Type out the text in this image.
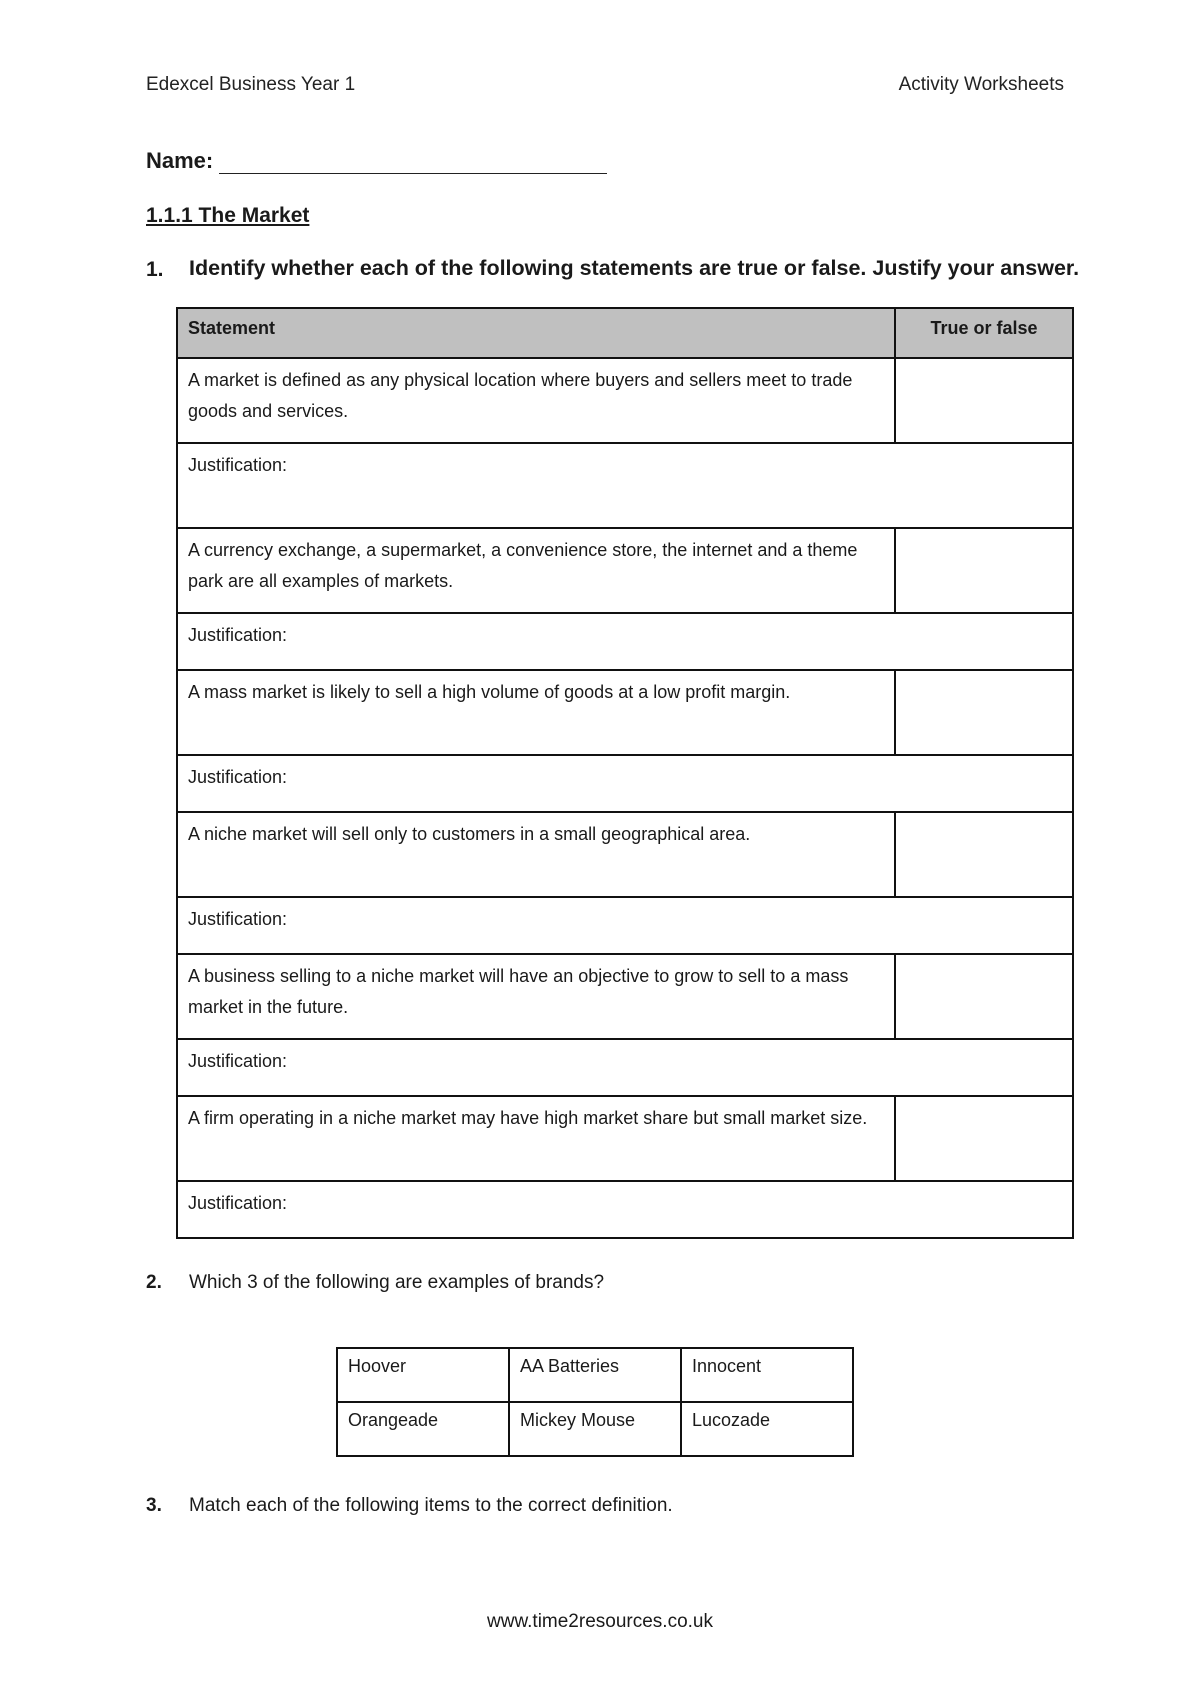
Edexcel Business Year 1	Activity Worksheets
Name:
1.1.1 The Market
1. Identify whether each of the following statements are true or false. Justify your answer.
Statement	True or false
A market is defined as any physical location where buyers and sellers meet to trade goods and services.	
Justification:	
A currency exchange, a supermarket, a convenience store, the internet and a theme park are all examples of markets.	
Justification:	
A mass market is likely to sell a high volume of goods at a low profit margin.	
Justification:	
A niche market will sell only to customers in a small geographical area.	
Justification:	
A business selling to a niche market will have an objective to grow to sell to a mass market in the future.	
Justification:	
A firm operating in a niche market may have high market share but small market size.	
Justification:	
2. Which 3 of the following are examples of brands?
Hoover	AA Batteries	Innocent
Orangeade	Mickey Mouse	Lucozade
3. Match each of the following items to the correct definition.
www.time2resources.co.uk
